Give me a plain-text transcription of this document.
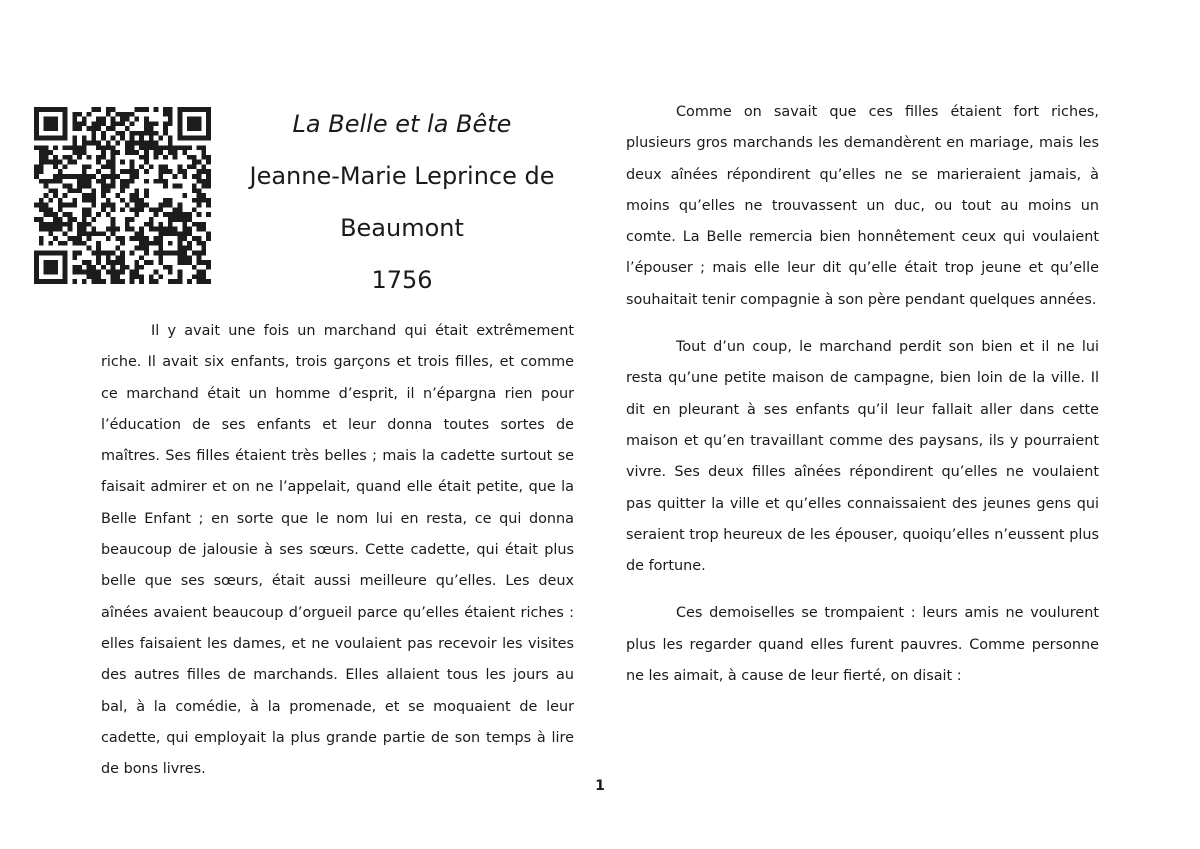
La Belle et la Bête
Jeanne-Marie Leprince de
Beaumont
1756

Il y avait une fois un marchand qui était extrêmement riche. Il avait six enfants, trois garçons et trois filles, et comme ce marchand était un homme d’esprit, il n’épargna rien pour l’éducation de ses enfants et leur donna toutes sortes de maîtres. Ses filles étaient très belles ; mais la cadette surtout se faisait admirer et on ne l’appelait, quand elle était petite, que la Belle Enfant ; en sorte que le nom lui en resta, ce qui donna beaucoup de jalousie à ses sœurs. Cette cadette, qui était plus belle que ses sœurs, était aussi meilleure qu’elles. Les deux aînées avaient beaucoup d’orgueil parce qu’elles étaient riches : elles faisaient les dames, et ne voulaient pas recevoir les visites des autres filles de marchands. Elles allaient tous les jours au bal, à la comédie, à la promenade, et se moquaient de leur cadette, qui employait la plus grande partie de son temps à lire de bons livres.

Comme on savait que ces filles étaient fort riches, plusieurs gros marchands les demandèrent en mariage, mais les deux aînées répondirent qu’elles ne se marieraient jamais, à moins qu’elles ne trouvassent un duc, ou tout au moins un comte. La Belle remercia bien honnêtement ceux qui voulaient l’épouser ; mais elle leur dit qu’elle était trop jeune et qu’elle souhaitait tenir compagnie à son père pendant quelques années.

Tout d’un coup, le marchand perdit son bien et il ne lui resta qu’une petite maison de campagne, bien loin de la ville. Il dit en pleurant à ses enfants qu’il leur fallait aller dans cette maison et qu’en travaillant comme des paysans, ils y pourraient vivre. Ses deux filles aînées répondirent qu’elles ne voulaient pas quitter la ville et qu’elles connaissaient des jeunes gens qui seraient trop heureux de les épouser, quoiqu’elles n’eussent plus de fortune.

Ces demoiselles se trompaient : leurs amis ne voulurent plus les regarder quand elles furent pauvres. Comme personne ne les aimait, à cause de leur fierté, on disait :

1
